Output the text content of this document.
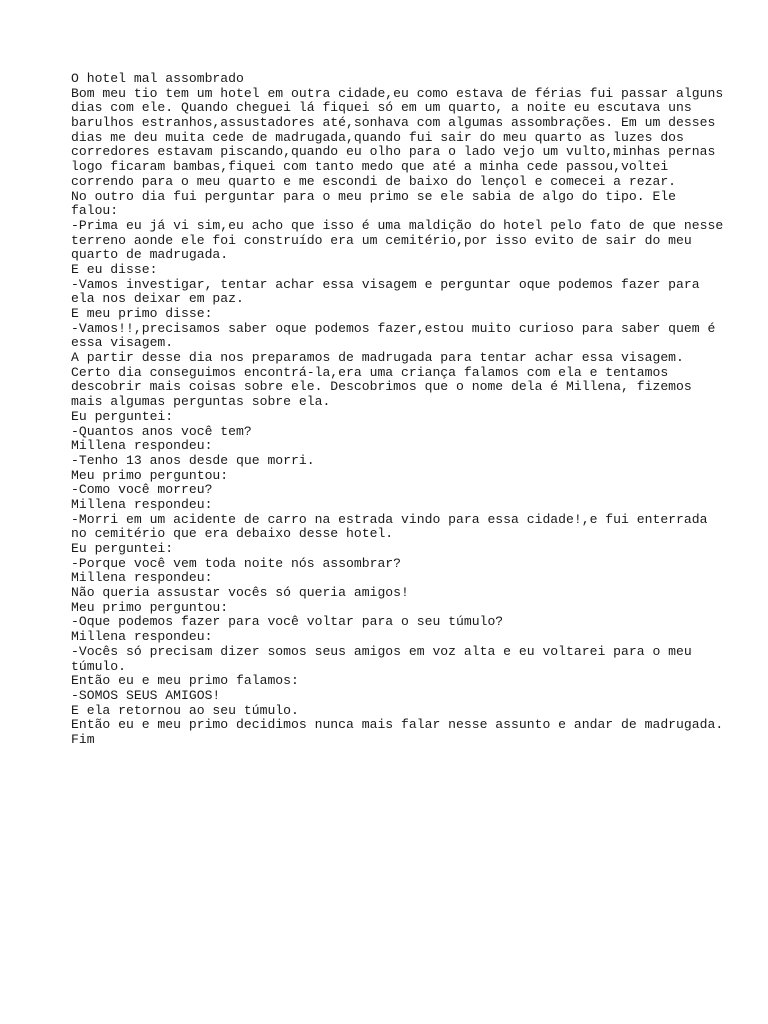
O hotel mal assombrado
Bom meu tio tem um hotel em outra cidade,eu como estava de férias fui passar alguns
dias com ele. Quando cheguei lá fiquei só em um quarto, a noite eu escutava uns
barulhos estranhos,assustadores até,sonhava com algumas assombrações. Em um desses
dias me deu muita cede de madrugada,quando fui sair do meu quarto as luzes dos
corredores estavam piscando,quando eu olho para o lado vejo um vulto,minhas pernas
logo ficaram bambas,fiquei com tanto medo que até a minha cede passou,voltei
correndo para o meu quarto e me escondi de baixo do lençol e comecei a rezar.
No outro dia fui perguntar para o meu primo se ele sabia de algo do tipo. Ele
falou:
-Prima eu já vi sim,eu acho que isso é uma maldição do hotel pelo fato de que nesse
terreno aonde ele foi construído era um cemitério,por isso evito de sair do meu
quarto de madrugada.
E eu disse:
-Vamos investigar, tentar achar essa visagem e perguntar oque podemos fazer para
ela nos deixar em paz.
E meu primo disse:
-Vamos!!,precisamos saber oque podemos fazer,estou muito curioso para saber quem é
essa visagem.
A partir desse dia nos preparamos de madrugada para tentar achar essa visagem.
Certo dia conseguimos encontrá-la,era uma criança falamos com ela e tentamos
descobrir mais coisas sobre ele. Descobrimos que o nome dela é Millena, fizemos
mais algumas perguntas sobre ela.
Eu perguntei:
-Quantos anos você tem?
Millena respondeu:
-Tenho 13 anos desde que morri.
Meu primo perguntou:
-Como você morreu?
Millena respondeu:
-Morri em um acidente de carro na estrada vindo para essa cidade!,e fui enterrada
no cemitério que era debaixo desse hotel.
Eu perguntei:
-Porque você vem toda noite nós assombrar?
Millena respondeu:
Não queria assustar vocês só queria amigos!
Meu primo perguntou:
-Oque podemos fazer para você voltar para o seu túmulo?
Millena respondeu:
-Vocês só precisam dizer somos seus amigos em voz alta e eu voltarei para o meu
túmulo.
Então eu e meu primo falamos:
-SOMOS SEUS AMIGOS!
E ela retornou ao seu túmulo.
Então eu e meu primo decidimos nunca mais falar nesse assunto e andar de madrugada.
Fim
